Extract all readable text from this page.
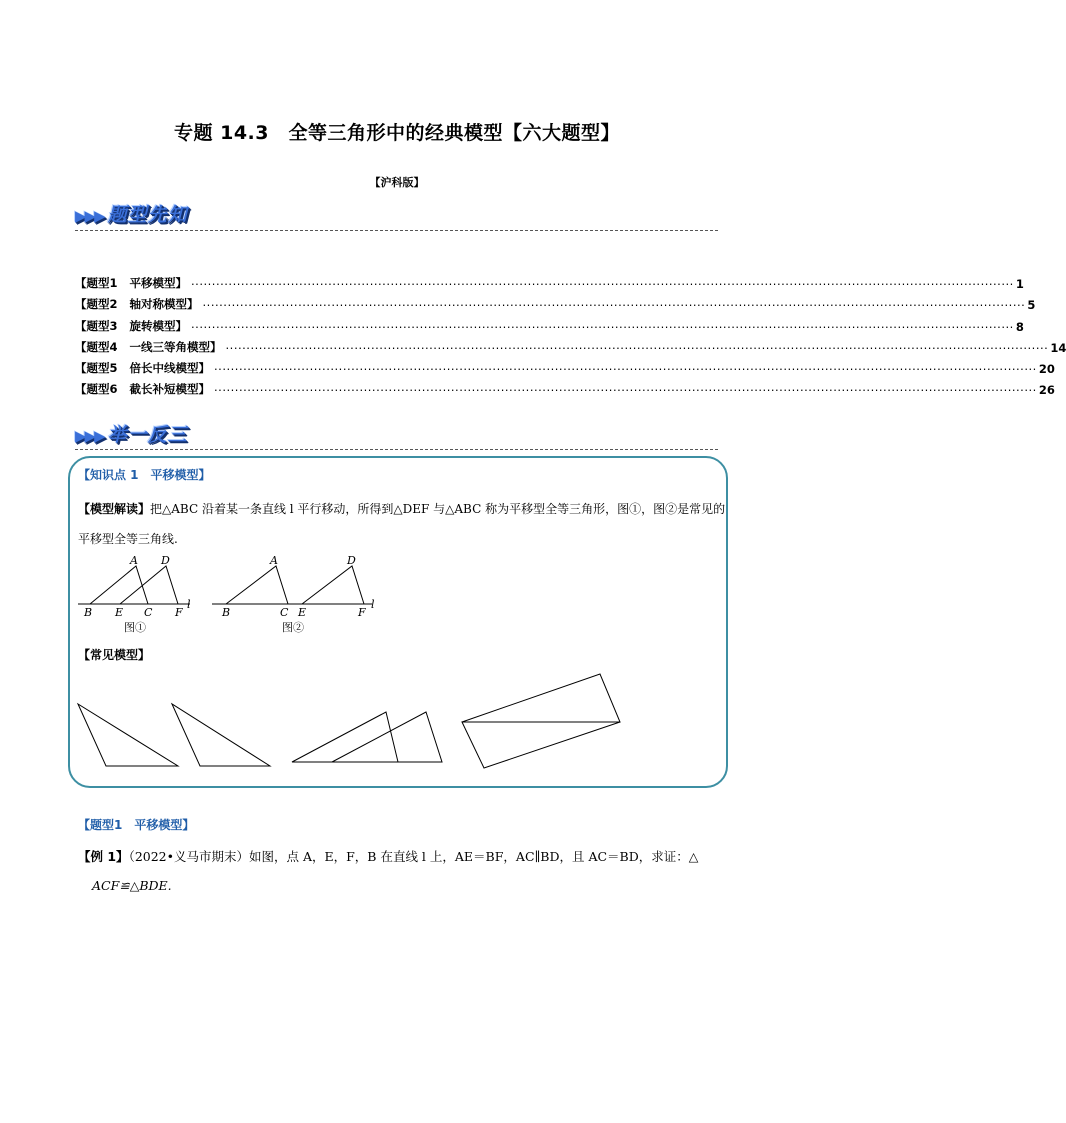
专题 14.3　全等三角形中的经典模型【六大题型】
【沪科版】
▶▶▶ 题型先知
【题型1 平移模型】 ...................................................................................................................................................................................................... 1
【题型2 轴对称模型】 ...................................................................................................................................................................................................... 5
【题型3 旋转模型】 ...................................................................................................................................................................................................... 8
【题型4 一线三等角模型】 ...................................................................................................................................................................................................... 14
【题型5 倍长中线模型】 ...................................................................................................................................................................................................... 20
【题型6 截长补短模型】 ...................................................................................................................................................................................................... 26
▶▶▶ 举一反三
【知识点 1　平移模型】
【模型解读】把△ABC 沿着某一条直线 l 平行移动，所得到△DEF 与△ABC 称为平移型全等三角形，图①，图②是常见的平移型全等三角线.
A D
B E C F
l
图①
A	D
B	C E	F
l
图②
【常见模型】
【题型1　平移模型】
【例 1】（2022•义马市期末）如图，点 A，E，F，B 在直线 l 上，AE＝BF，AC∥BD，且 AC＝BD，求证：△
ACF≌△BDE.
